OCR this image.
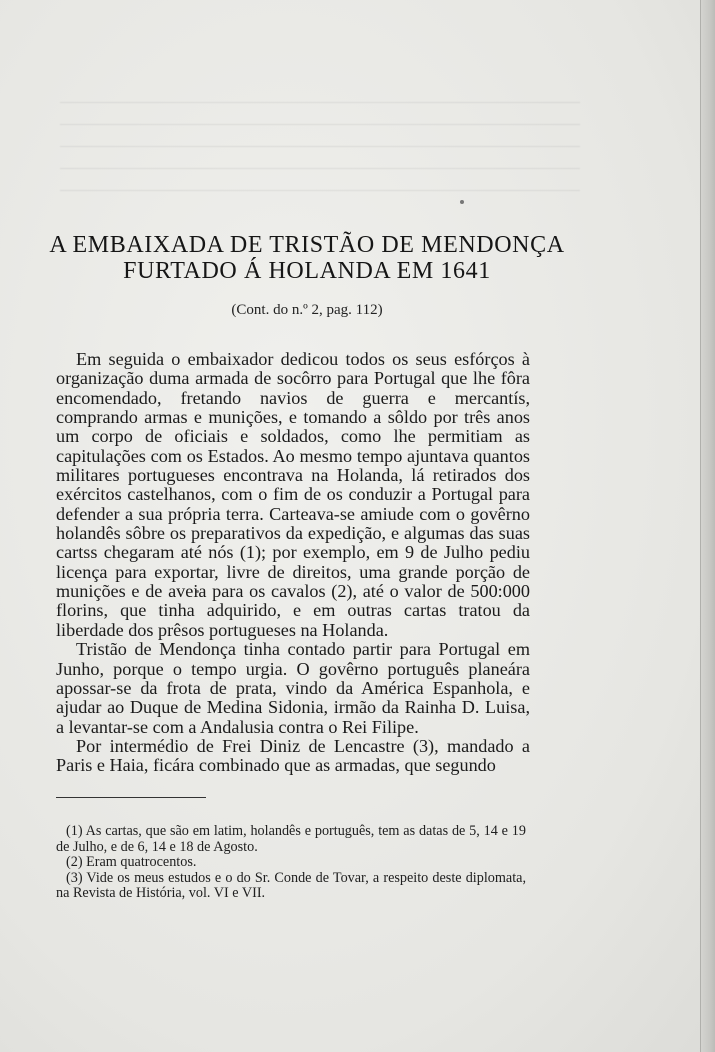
A EMBAIXADA DE TRISTÃO DE MENDONÇA
FURTADO Á HOLANDA EM 1641
(Cont. do n.º 2, pag. 112)

Em seguida o embaixador dedicou todos os seus esfórços à organização duma armada de socôrro para Portugal que lhe fôra encomendado, fretando navios de guerra e mercantís, comprando armas e munições, e tomando a sôldo por três anos um corpo de oficiais e soldados, como lhe permitiam as capitulações com os Estados. Ao mesmo tempo ajuntava quantos militares portugueses encontrava na Holanda, lá retirados dos exércitos castelhanos, com o fim de os conduzir a Portugal para defender a sua própria terra. Carteava-se amiude com o govêrno holandês sôbre os preparativos da expedição, e algumas das suas cartss chegaram até nós (1); por exemplo, em 9 de Julho pediu licença para exportar, livre de direitos, uma grande porção de munições e de aveia para os cavalos (2), até o valor de 500:000 florins, que tinha adquirido, e em outras cartas tratou da liberdade dos prêsos portugueses na Holanda.

Tristão de Mendonça tinha contado partir para Portugal em Junho, porque o tempo urgia. O govêrno português planeára apossar-se da frota de prata, vindo da América Espanhola, e ajudar ao Duque de Medina Sidonia, irmão da Rainha D. Luisa, a levantar-se com a Andalusia contra o Rei Filipe.

Por intermédio de Frei Diniz de Lencastre (3), mandado a Paris e Haia, ficára combinado que as armadas, que segundo

(1) As cartas, que são em latim, holandês e português, tem as datas de 5, 14 e 19 de Julho, e de 6, 14 e 18 de Agosto.

(2) Eram quatrocentos.

(3) Vide os meus estudos e o do Sr. Conde de Tovar, a respeito deste diplomata, na Revista de História, vol. VI e VII.
